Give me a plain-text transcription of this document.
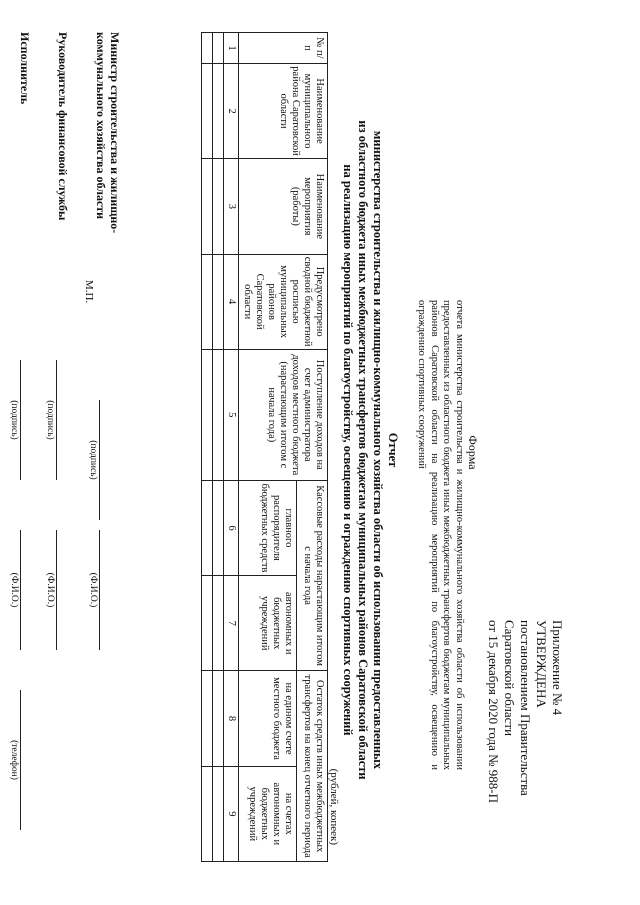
Приложение № 4
УТВЕРЖДЕНА
постановлением Правительства
Саратовской области
от 15 декабря 2020 года № 988-П
Форма
отчета министерства строительства и жилищно-коммунального хозяйства области об использовании предоставленных из областного бюджета иных межбюджетных трансфертов бюджетам муниципальных районов Саратовской области на реализацию мероприятий по благоустройству, освещению и ограждению спортивных сооружений
Отчет
министерства строительства и жилищно-коммунального хозяйства области об использовании предоставленных
из областного бюджета иных межбюджетных трансфертов бюджетам муниципальных районов Саратовской области
на реализацию мероприятий по благоустройству, освещению и ограждению спортивных сооружений
(рублей, копеек)
№ п/п	Наименование муниципального района Саратовской области	Наименование мероприятия (работы)	Предусмотрено сводной бюджетной росписью муниципальных районов Саратовской области	Поступление доходов на счет администратора доходов местного бюджета (нарастающим итогом с начала года)	Кассовые расходы нарастающим итогом с начала года		Остаток средств иных межбюджетных трансфертов на конец отчетного периода	
					главного распорядителя бюджетных средств	автономных и бюджетных учреждений	на едином счете местного бюджета	на счетах автономных и бюджетных учреждений
1	2	3	4	5	6	7	8	9

Министр строительства и жилищно-коммунального хозяйства области
М.П.
(подпись)
(Ф.И.О.)
Руководитель финансовой службы
(подпись)
(Ф.И.О.)
Исполнитель
(подпись)
(Ф.И.О.)
(телефон)
